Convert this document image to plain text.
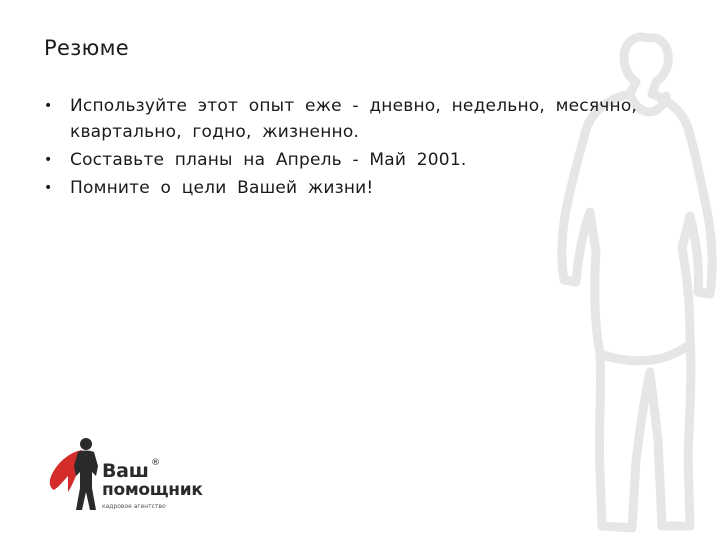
Резюме
• Используйте этот опыт еже - дневно, недельно, месячно, квартально, годно, жизненно.
• Составьте планы на Апрель - Май 2001.
• Помните о цели Вашей жизни!
Ваш ®
помощник
кадровое агентство
